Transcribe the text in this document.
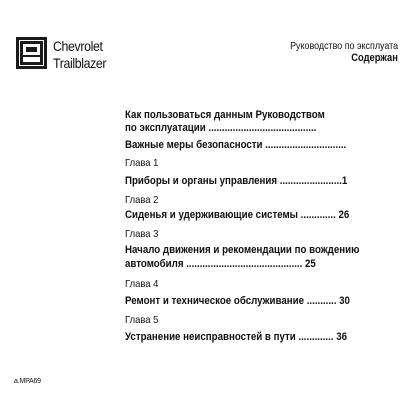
Chevrolet
Trailblazer
Руководство по эксплуата
Содержан
Как пользоваться данным Руководством
по эксплуатации ........................................
Важные меры безопасности ..............................
Глава 1
Приборы и органы управления .......................1
Глава 2
Сиденья и удерживающие системы ............. 26
Глава 3
Начало движения и рекомендации по вождению
автомобиля ........................................... 25
Глава 4
Ремонт и техническое обслуживание ........... 30
Глава 5
Устранение неисправностей в пути ............. 36
a.MPA69
